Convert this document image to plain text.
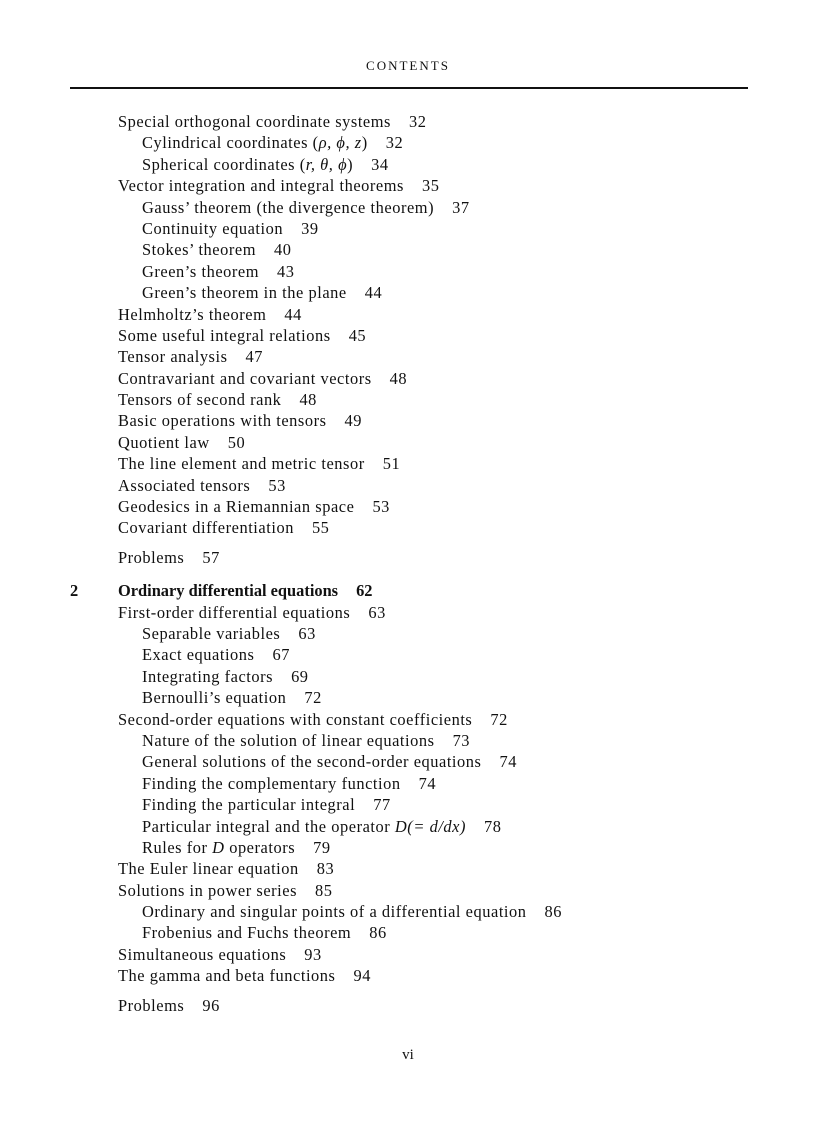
CONTENTS
Special orthogonal coordinate systems 32
Cylindrical coordinates (ρ, ϕ, z) 32
Spherical coordinates (r, θ, ϕ) 34
Vector integration and integral theorems 35
Gauss’ theorem (the divergence theorem) 37
Continuity equation 39
Stokes’ theorem 40
Green’s theorem 43
Green’s theorem in the plane 44
Helmholtz’s theorem 44
Some useful integral relations 45
Tensor analysis 47
Contravariant and covariant vectors 48
Tensors of second rank 48
Basic operations with tensors 49
Quotient law 50
The line element and metric tensor 51
Associated tensors 53
Geodesics in a Riemannian space 53
Covariant differentiation 55
Problems 57
2 Ordinary differential equations 62
First-order differential equations 63
Separable variables 63
Exact equations 67
Integrating factors 69
Bernoulli’s equation 72
Second-order equations with constant coefficients 72
Nature of the solution of linear equations 73
General solutions of the second-order equations 74
Finding the complementary function 74
Finding the particular integral 77
Particular integral and the operator D(= d/dx) 78
Rules for D operators 79
The Euler linear equation 83
Solutions in power series 85
Ordinary and singular points of a differential equation 86
Frobenius and Fuchs theorem 86
Simultaneous equations 93
The gamma and beta functions 94
Problems 96
vi
